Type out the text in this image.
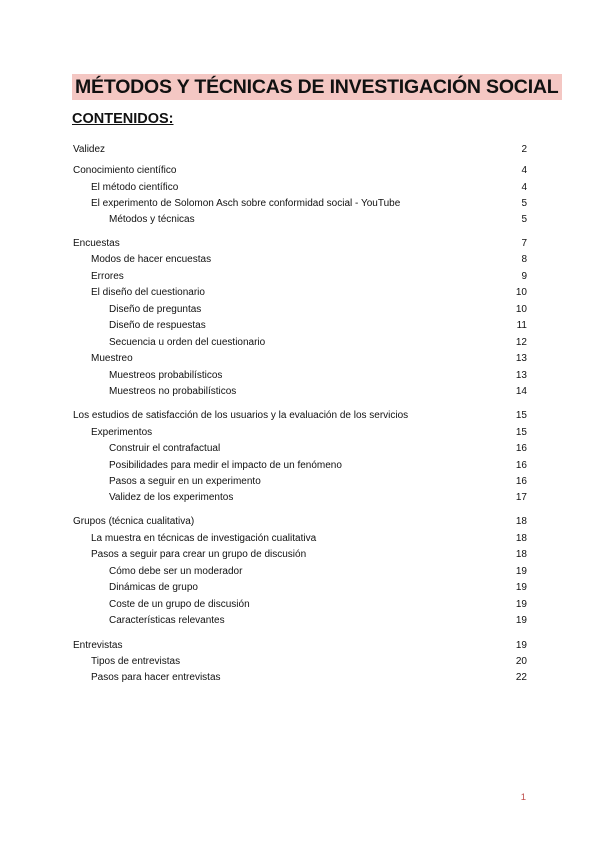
MÉTODOS Y TÉCNICAS DE INVESTIGACIÓN SOCIAL
CONTENIDOS:
Validez	2
Conocimiento científico	4
El método científico	4
El experimento de Solomon Asch sobre conformidad social - YouTube	5
Métodos y técnicas	5
Encuestas	7
Modos de hacer encuestas	8
Errores	9
El diseño del cuestionario	10
Diseño de preguntas	10
Diseño de respuestas	11
Secuencia u orden del cuestionario	12
Muestreo	13
Muestreos probabilísticos	13
Muestreos no probabilísticos	14
Los estudios de satisfacción de los usuarios y la evaluación de los servicios	15
Experimentos	15
Construir el contrafactual	16
Posibilidades para medir el impacto de un fenómeno	16
Pasos a seguir en un experimento	16
Validez de los experimentos	17
Grupos (técnica cualitativa)	18
La muestra en técnicas de investigación cualitativa	18
Pasos a seguir para crear un grupo de discusión	18
Cómo debe ser un moderador	19
Dinámicas de grupo	19
Coste de un grupo de discusión	19
Características relevantes	19
Entrevistas	19
Tipos de entrevistas	20
Pasos para hacer entrevistas	22
1
